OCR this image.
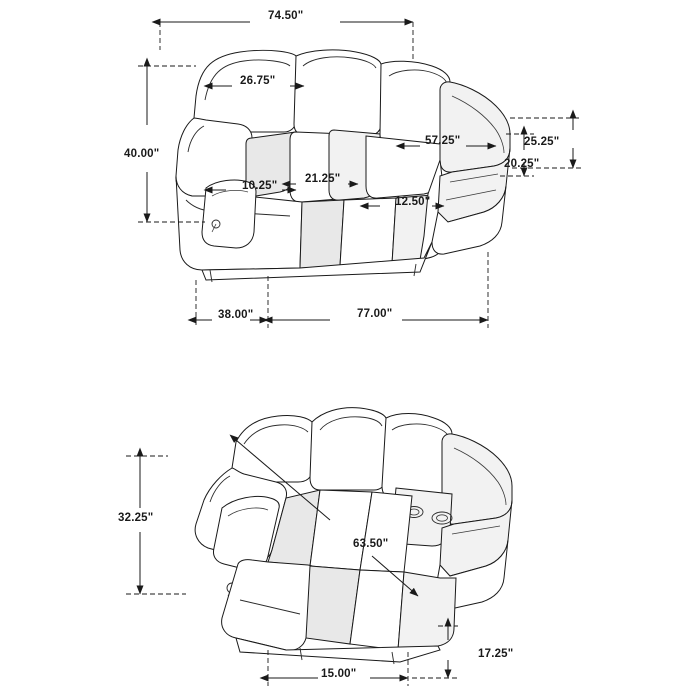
74.50"
26.75"
40.00"
57.25"	25.25"
20.25"
10.25"
21.25"
12.50"
38.00"	77.00"
32.25"
63.50"
15.00"
17.25"
